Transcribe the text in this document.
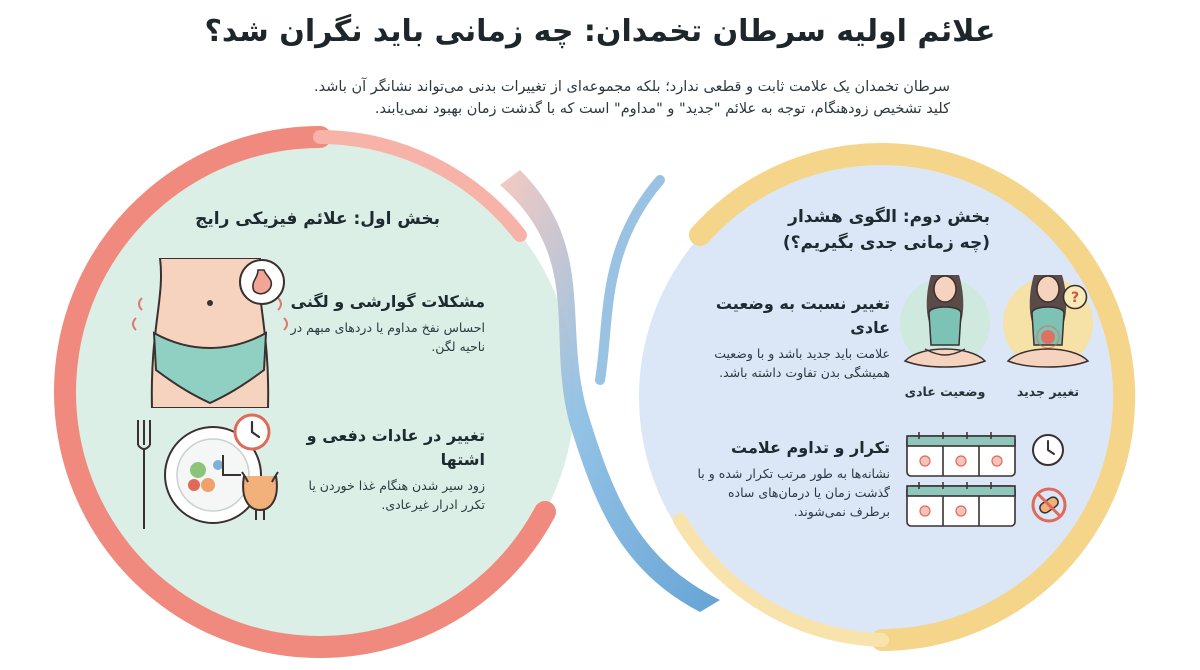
علائم اولیه سرطان تخمدان: چه زمانی باید نگران شد؟

سرطان تخمدان یک علامت ثابت و قطعی ندارد؛ بلکه مجموعه‌ای از تغییرات بدنی می‌تواند نشانگر آن باشد.

کلید تشخیص زودهنگام، توجه به علائم "جدید" و "مداوم" است که با گذشت زمان بهبود نمی‌یابند.

بخش اول: علائم فیزیکی رایج
مشکلات گوارشی و لگنی
احساس نفخ مداوم یا دردهای مبهم در ناحیه لگن.
تغییر در عادات دفعی و اشتها
زود سیر شدن هنگام غذا خوردن یا تکرر ادرار غیرعادی.
بخش دوم: الگوی هشدار (چه زمانی جدی بگیریم؟)
تغییر نسبت به وضعیت عادی
علامت باید جدید باشد و با وضعیت همیشگی بدن تفاوت داشته باشد.
تکرار و تداوم علامت
نشانه‌ها به طور مرتب تکرار شده و با گذشت زمان یا درمان‌های ساده برطرف نمی‌شوند.
?
وضعیت عادی	تغییر جدید
